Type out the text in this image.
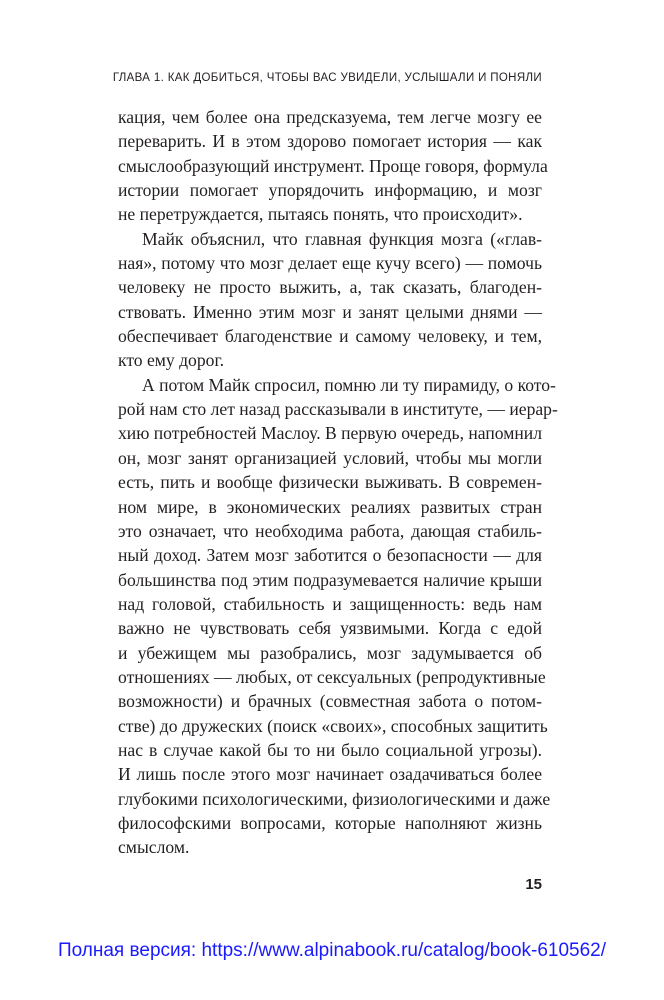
ГЛАВА 1. КАК ДОБИТЬСЯ, ЧТОБЫ ВАС УВИДЕЛИ, УСЛЫШАЛИ И ПОНЯЛИ
кация, чем более она предсказуема, тем легче мозгу ее
переварить. И в этом здорово помогает история — как
смыслообразующий инструмент. Проще говоря, формула
истории помогает упорядочить информацию, и мозг
не перетруждается, пытаясь понять, что происходит».
Майк объяснил, что главная функция мозга («глав-
ная», потому что мозг делает еще кучу всего) — помочь
человеку не просто выжить, а, так сказать, благоден-
ствовать. Именно этим мозг и занят целыми днями —
обеспечивает благоденствие и самому человеку, и тем,
кто ему дорог.
А потом Майк спросил, помню ли ту пирамиду, о кото-
рой нам сто лет назад рассказывали в институте, — иерар-
хию потребностей Маслоу. В первую очередь, напомнил
он, мозг занят организацией условий, чтобы мы могли
есть, пить и вообще физически выживать. В современ-
ном мире, в экономических реалиях развитых стран
это означает, что необходима работа, дающая стабиль-
ный доход. Затем мозг заботится о безопасности — для
большинства под этим подразумевается наличие крыши
над головой, стабильность и защищенность: ведь нам
важно не чувствовать себя уязвимыми. Когда с едой
и убежищем мы разобрались, мозг задумывается об
отношениях — любых, от сексуальных (репродуктивные
возможности) и брачных (совместная забота о потом-
стве) до дружеских (поиск «своих», способных защитить
нас в случае какой бы то ни было социальной угрозы).
И лишь после этого мозг начинает озадачиваться более
глубокими психологическими, физиологическими и даже
философскими вопросами, которые наполняют жизнь
смыслом.
15
Полная версия: https://www.alpinabook.ru/catalog/book-610562/
